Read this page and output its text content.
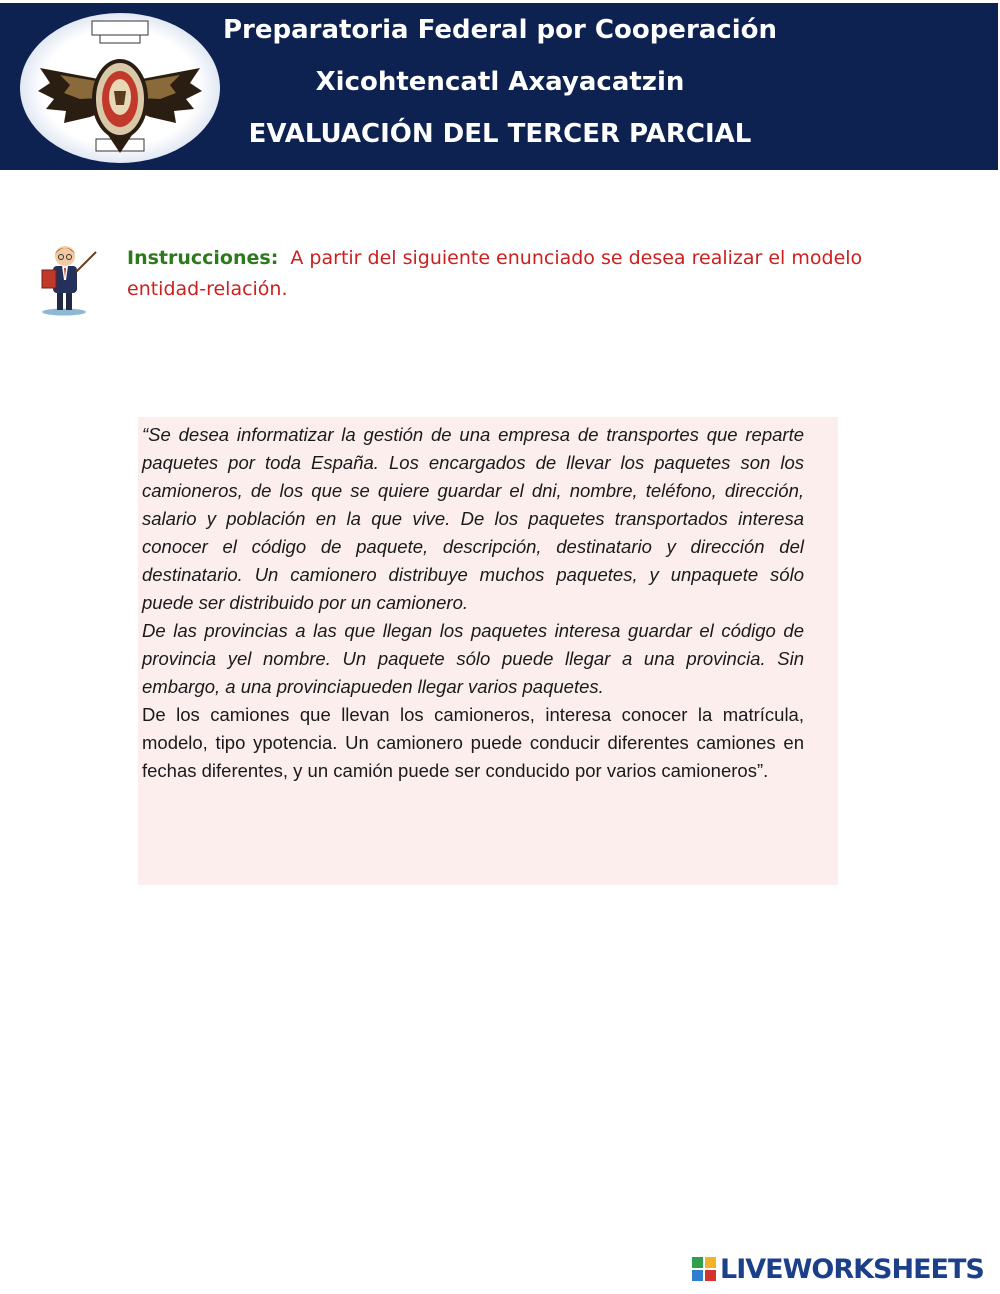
Preparatoria Federal por Cooperación
Xicohtencatl Axayacatzin
EVALUACIÓN DEL TERCER PARCIAL
Instrucciones: A partir del siguiente enunciado se desea realizar el modelo entidad-relación.

“Se desea informatizar la gestión de una empresa de transportes que reparte paquetes por toda España. Los encargados de llevar los paquetes son los camioneros, de los que se quiere guardar el dni, nombre, teléfono, dirección, salario y población en la que vive. De los paquetes transportados interesa conocer el código de paquete, descripción, destinatario y dirección del destinatario. Un camionero distribuye muchos paquetes, y unpaquete sólo puede ser distribuido por un camionero.

De las provincias a las que llegan los paquetes interesa guardar el código de provincia yel nombre. Un paquete sólo puede llegar a una provincia. Sin embargo, a una provinciapueden llegar varios paquetes.

De los camiones que llevan los camioneros, interesa conocer la matrícula, modelo, tipo ypotencia. Un camionero puede conducir diferentes camiones en fechas diferentes, y un camión puede ser conducido por varios camioneros”.

LIVEWORKSHEETS
